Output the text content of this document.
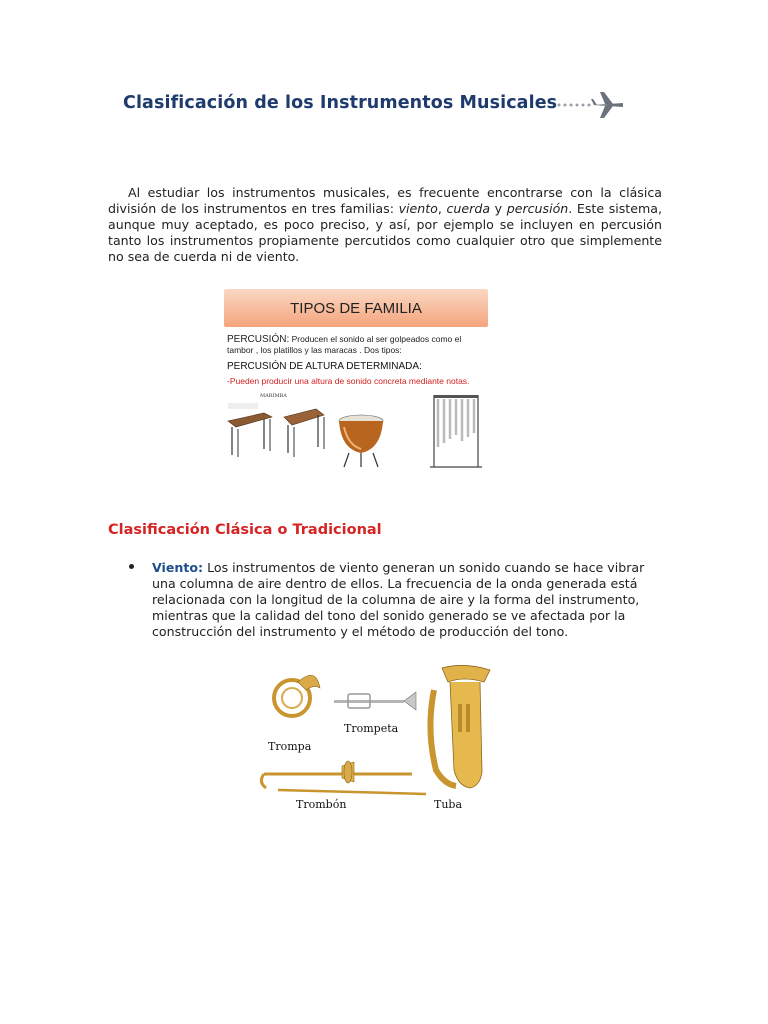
Clasificación de los Instrumentos Musicales
Al estudiar los instrumentos musicales, es frecuente encontrarse con la clásica división de los instrumentos en tres familias: viento, cuerda y percusión. Este sistema, aunque muy aceptado, es poco preciso, y así, por ejemplo se incluyen en percusión tanto los instrumentos propiamente percutidos como cualquier otro que simplemente no sea de cuerda ni de viento.
TIPOS DE FAMILIA
PERCUSIÓN: Producen el sonido al ser golpeados como el tambor , los platillos y las maracas . Dos tipos:
PERCUSIÓN DE ALTURA DETERMINADA:
-Pueden producir una altura de sonido concreta mediante notas.
MARIMBA
Clasificación Clásica o Tradicional
Viento: Los instrumentos de viento generan un sonido cuando se hace vibrar una columna de aire dentro de ellos. La frecuencia de la onda generada está relacionada con la longitud de la columna de aire y la forma del instrumento, mientras que la calidad del tono del sonido generado se ve afectada por la construcción del instrumento y el método de producción del tono.
Trompa
Trompeta
Trombón	Tuba
